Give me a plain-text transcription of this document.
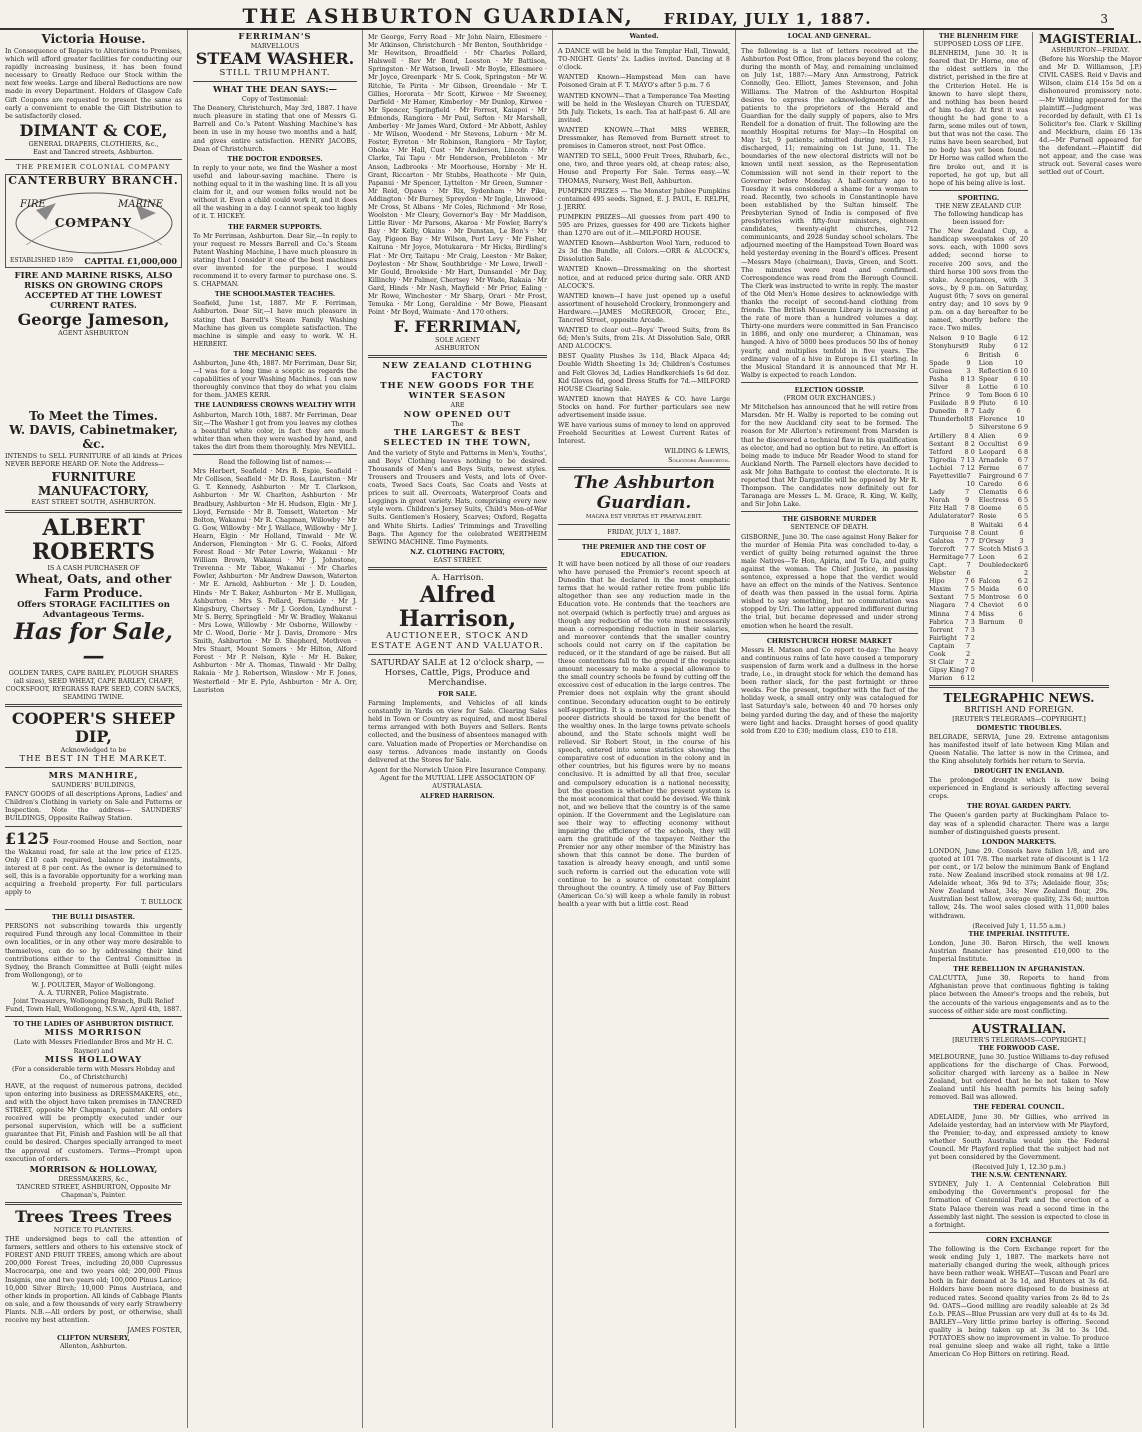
THE ASHBURTON GUARDIAN, FRIDAY, JULY 1, 1887.	3
Victoria House.

In Consequence of Repairs to Alterations to Premises, which will afford greater facilities for conducting our rapidly increasing business, it has been found necessary to Greatly Reduce our Stock within the next few weeks. Large and liberal Reductions are now made in every Department. Holders of Glasgow Cafe Gift Coupons are requested to present the same as early a convenient to enable the Gift Distribution to be satisfactorily closed.

DIMANT & COE,
GENERAL DRAPERS, CLOTHIERS, &c.,
East and Tancred streets, Ashburton.
THE PREMIER COLONIAL COMPANY
CANTERBURY BRANCH.
FIRE	MARINE
COMPANY
ESTABLISHED 1859 CAPITAL £1,000,000
FIRE AND MARINE RISKS, ALSO RISKS ON GROWING CROPS ACCEPTED AT THE LOWEST CURRENT RATES.
George Jameson,
AGENT ASHBURTON
To Meet the Times.
W. DAVIS, Cabinetmaker, &c.

INTENDS to SELL FURNITURE of all kinds at Prices NEVER BEFORE HEARD OF. Note the Address—

FURNITURE MANUFACTORY,
EAST STREET SOUTH, ASHBURTON.
ALBERT ROBERTS
IS A CASH PURCHASER OF
Wheat, Oats, and other Farm Produce.
Offers STORAGE FACILITIES on Advantageous Terms.
Has for Sale,—

GOLDEN TARES, CAPE BARLEY, PLOUGH SHARES (all sizes), SEED WHEAT, CAPE BARLEY, CHAFF, COCKSFOOT, RYEGRASS RAPE SEED, CORN SACKS, SEAMING TWINE.

COOPER'S SHEEP DIP,
Acknowledged to be
THE BEST IN THE MARKET.
MRS MANHIRE,
SAUNDERS' BUILDINGS,

FANCY GOODS of all descriptions Aprons, Ladies' and Children's Clothing in variety on Sale and Patterns or Inspection. Note the address— SAUNDERS' BUILDINGS, Opposite Railway Station.

£125 Four-roomed House and Section, near the Wakanui road, for sale at the low price of £125. Only £10 cash required, balance by instalments, interest at 8 per cent. As the owner is determined to sell, this is a favorable opportunity for a working man acquiring a freehold property. For full particulars apply to

T. BULLOCK
THE BULLI DISASTER.

PERSONS not subscribing towards this urgently required Fund through any local Committee in their own localities, or in any other way more desirable to themselves, can do so by addressing their kind contributions either to the Central Committee in Sydney, the Branch Committee at Bulli (eight miles from Wollongong), or to

W. J. POULTER, Mayor of Wollongong.
A. A. TURNER, Police Magistrate.
Joint Treasurers, Wollongong Branch, Bulli Relief Fund, Town Hall, Wollongong, N.S.W., April 4th, 1887.
TO THE LADIES OF ASHBURTON DISTRICT.
MISS MORRISON
(Late with Messrs Friedlander Bros and Mr H. C. Rayner) and
MISS HOLLOWAY
(For a considerable term with Messrs Hobday and Co., of Christchurch)

HAVE, at the request of numerous patrons, decided upon entering into business as DRESSMAKERS, etc., and with the object have taken premises in TANCRED STREET, opposite Mr Chapman's, painter. All orders received will be promptly executed under our personal supervision, which will be a sufficient guarantee that Fit, Finish and Fashion will be all that could be desired. Charges specially arranged to meet the approval of customers. Terms—Prompt upon execution of orders.

MORRISON & HOLLOWAY,
DRESSMAKERS, &c.,
TANCRED STREET, ASHBURTON, Opposite Mr Chapman's, Painter.
Trees Trees Trees
NOTICE TO PLANTERS.

THE undersigned begs to call the attention of farmers, settlers and others to his extensive stock of FOREST AND FRUIT TREES, among which are about 200,000 Forest Trees, including 20,000 Cupressus Macrocarpa, one and two years old; 200,000 Pinus Insignis, one and two years old; 100,000 Pinus Larico; 10,000 Silver Birch; 10,000 Pinus Austriaca, and other kinds in proportion. All kinds of Cabbage Plants on sale, and a few thousands of very early Strawberry Plants. N.B.—All orders by post, or otherwise, shall receive my best attention.

JAMES FOSTER,
CLIFTON NURSERY,
Allenton, Ashburton.
FERRIMAN'S
MARVELLOUS
STEAM WASHER.
STILL TRIUMPHANT.
WHAT THE DEAN SAYS:—
Copy of Testimonial:

The Deanery, Christchurch, May 3rd, 1887. I have much pleasure in stating that one of Messrs G. Barrell and Co.'s Patent Washing Machine's has been in use in my house two months and a half, and gives entire satisfaction. HENRY JACOBS, Dean of Christchurch.

THE DOCTOR ENDORSES.

In reply to your note, we find the Washer a most useful and labour-saving machine. There is nothing equal to it in the washing line. It is all you claim for it, and our women folks would not be without it. Even a child could work it, and it does all the washing in a day. I cannot speak too highly of it. T. HICKEY.

THE FARMER SUPPORTS.

To Mr Ferriman, Ashburton. Dear Sir,—In reply to your request re Messrs Barrell and Co.'s Steam Patent Washing Machine, I have much pleasure in stating that I consider it one of the best machines ever invented for the purpose. I would recommend it to every farmer to purchase one. S. S. CHAPMAN.

THE SCHOOLMASTER TEACHES.

Seafield, June 1st, 1887. Mr F. Ferriman, Ashburton. Dear Sir,—I have much pleasure in stating that Barrell's Steam Family Washing Machine has given us complete satisfaction. The machine is simple and easy to work. W. H. HERBERT.

THE MECHANIC SEES.

Ashburton, June 4th, 1887. Mr Ferriman, Dear Sir,—I was for a long time a sceptic as regards the capabilities of your Washing Machines. I can now thoroughly convince that they do what you claim for them. JAMES KERR.

THE LAUNDRESS CROWNS WEALTHY WITH

Ashburton, March 10th, 1887. Mr Ferriman, Dear Sir,—The Washer I got from you leaves my clothes a beautiful white color, in fact they are much whiter than when they were washed by hand, and takes the dirt from them thoroughly. Mrs NEVILL.

Read the following list of names:—

Mrs Herbert, Seafield · Mrs B. Espie, Seafield · Mr Collison, Seafield · Mr D. Ross, Lauriston · Mr G. T. Kennedy, Ashburton · Mr T. Clarkson, Ashburton · Mr W. Charlton, Ashburton · Mr Bradbury, Ashburton · Mr H. Hudson, Elgin · Mr J. Lloyd, Fernside · Mr B. Tomsett, Waterton · Mr Bolton, Wakanui · Mr R. Chapman, Willowby · Mr G. Gow, Willowby · Mr J. Wallace, Willowby · Mr J. Hearn, Elgin · Mr Holland, Tinwald · Mr W. Anderson, Flemington · Mr G. C. Fooks, Alford Forest Road · Mr Peter Lowrie, Wakanui · Mr William Brown, Wakanui · Mr J. Johnstone, Trevenna · Mr Tabor, Wakanui · Mr Charles Fowler, Ashburton · Mr Andrew Dawson, Waterton · Mr E. Arnold, Ashburton · Mr J. D. Louden, Hinds · Mr T. Baker, Ashburton · Mr E. Mulligan, Ashburton · Mrs S. Pollard, Fernside · Mr J. Kingsbury, Chertsey · Mr J. Gordon, Lyndhurst · Mr S. Berry, Springfield · Mr W. Bradley, Wakanui · Mrs Lowe, Willowby · Mr Osborne, Willowby · Mr C. Wood, Dorie · Mr J. Davis, Dromore · Mrs Smith, Ashburton · Mr D. Shepherd, Methven · Mrs Stuart, Mount Somers · Mr Hilton, Alford Forest · Mr P. Nelson, Kyle · Mr H. Baker, Ashburton · Mr A. Thomas, Tinwald · Mr Dalby, Rakaia · Mr J. Robertson, Winslow · Mr F. Jones, Westerfield · Mr E. Pyle, Ashburton · Mr A. Orr, Lauriston

Mr George, Ferry Road · Mr John Nairn, Ellesmere · Mr Atkinson, Christchurch · Mr Benton, Southbridge · Mr Hewitson, Broadfield · Mr Charles Pollard, Halswell · Rev Mr Bond, Leeston · Mr Battison, Springston · Mr Watson, Irwell · Mr Boyle, Ellesmere · Mr Joyce, Greenpark · Mr S. Cook, Springston · Mr W. Ritchie, Te Pirita · Mr Gibson, Greendale · Mr T. Gillies, Hororata · Mr Scott, Kirwee · Mr Sweeney, Darfield · Mr Hamer, Kimberley · Mr Dunlop, Kirwee · Mr Spencer, Springfield · Mr Forrest, Kaiapoi · Mr Edmonds, Rangiora · Mr Paul, Sefton · Mr Marshall, Amberley · Mr James Ward, Oxford · Mr Abbott, Ashley · Mr Wilson, Woodend · Mr Stevens, Loburn · Mr M. Foster, Eyreton · Mr Robinson, Rangiora · Mr Taylor, Ohoka · Mr Hall, Cust · Mr Anderson, Lincoln · Mr Clarke, Tai Tapu · Mr Henderson, Prebbleton · Mr Anson, Ladbrooks · Mr Moorhouse, Hornby · Mr H. Grant, Riccarton · Mr Stubbs, Heathcote · Mr Quin, Papanui · Mr Spencer, Lyttelton · Mr Green, Sumner · Mr Reid, Opawa · Mr Rix, Sydenham · Mr Pike, Addington · Mr Burney, Spreydon · Mr Ingle, Linwood · Mr Cross, St Albans · Mr Coles, Richmond · Mr Rose, Woolston · Mr Cleary, Governor's Bay · Mr Maddison, Little River · Mr Parsons, Akaroa · Mr Fowler, Barry's Bay · Mr Kelly, Okains · Mr Dunstan, Le Bon's · Mr Gay, Pigeon Bay · Mr Wilson, Port Levy · Mr Fisher, Kaituna · Mr Joyce, Motukarara · Mr Hicks, Birdling's Flat · Mr Orr, Taitapu · Mr Craig, Leeston · Mr Baker, Doyleston · Mr Shaw, Southbridge · Mr Lowe, Irwell · Mr Gould, Brookside · Mr Hart, Dunsandel · Mr Day, Killinchy · Mr Palmer, Chertsey · Mr Wade, Rakaia · Mr Gard, Hinds · Mr Nash, Mayfield · Mr Prior, Ealing · Mr Rowe, Winchester · Mr Sharp, Orari · Mr Frost, Temuka · Mr Long, Geraldine · Mr Bowe, Pleasant Point · Mr Boyd, Waimate · And 170 others.

F. FERRIMAN,
SOLE AGENT
ASHBURTON
NEW ZEALAND CLOTHING FACTORY
THE NEW GOODS FOR THE WINTER SEASON
ARE
NOW OPENED OUT
The
THE LARGEST & BEST SELECTED IN THE TOWN,

And the variety of Style and Patterns in Men's, Youths', and Boys' Clothing leaves nothing to be desired. Thousands of Men's and Boys Suits, newest styles. Trousers and Trousers and Vests, and lots of Over-coats, Tweed Sacs Coats, Sac Coats and Vests at prices to suit all. Overcoats, Waterproof Coats and Leggings in great variety. Hats, comprising every new style worn. Children's Jersey Suits, Child's Men-of-War Suits. Gentlemen's Hosiery, Scarves; Oxford, Regatta and White Shirts. Ladies' Trimmings and Travelling Bags. The Agency for the celebrated WERTHEIM SEWING MACHINE. Time Payments.

N.Z. CLOTHING FACTORY,
EAST STREET.
A. Harrison.
Alfred Harrison,
AUCTIONEER, STOCK AND ESTATE AGENT AND VALUATOR.

SATURDAY SALE at 12 o'clock sharp, —Horses, Cattle, Pigs, Produce and Merchandise.

FOR SALE.

Farming Implements, and Vehicles of all kinds constantly in Yards on view for Sale. Clearing Sales held in Town or Country as required, and most liberal terms arranged with both Buyers and Sellers. Rents collected, and the business of absentees managed with care. Valuation made of Properties or Merchandise on easy terms. Advances made instantly on Goods delivered at the Stores for Sale.

Agent for the Norwich Union Fire Insurance Company. Agent for the MUTUAL LIFE ASSOCIATION OF AUSTRALASIA.

ALFRED HARRISON.
Wanted.

A DANCE will be held in the Templar Hall, Tinwald, TO-NIGHT. Gents' 2s. Ladies invited. Dancing at 8 o'clock.

WANTED Known—Hampstead Men can have Poisoned Grain at F. T. MAYO's after 5 p.m. 7 6

WANTED KNOWN—That a Temperance Tea Meeting will be held in the Wesleyan Church on TUESDAY, 5th July. Tickets, 1s each. Tea at half-past 6. All are invited.

WANTED KNOWN.—That MRS WEBER, Dressmaker, has Removed from Burnett street to premises in Cameron street, next Post Office.

WANTED TO SELL, 5000 Fruit Trees, Rhubarb, &c., one, two, and three years old, at cheap rates; also, House and Property For Sale. Terms easy.—W. THOMAS, Nursery, West Bell, Ashburton.

PUMPKIN PRIZES — The Monster Jubilee Pumpkins contained 495 seeds. Signed, E. J. PAUL, E. RELPH, J. JERRY.

PUMPKIN PRIZES—All guesses from part 490 to 595 are Prizes, guesses for 490 are Tickets higher than 1270 are out of it.—MILFORD HOUSE.

WANTED Known—Ashburton Wool Yarn, reduced to 2s 3d the Bundle, all Colors.—ORR & ALCOCK's, Dissolution Sale.

WANTED Known—Dressmaking on the shortest notice, and at reduced price during sale. ORR AND ALCOCK'S.

WANTED known—I have just opened up a useful assortment of household Crockery, Ironmongery and Hardware.—JAMES McGREGOR, Grocer, Etc., Tancred Street, opposite Arcade.

WANTED to clear out—Boys' Tweed Suits, from 8s 6d; Men's Suits, from 21s. At Dissolution Sale, ORR AND ALCOCK'S.

BEST Quality Plushes 3s 11d, Black Alpaca 4d; Double Width Sheeting 1s 3d; Children's Costumes and Felt Gloves 3d, Ladies Handkerchiefs 1s 6d doz. Kid Gloves 6d, good Dress Stuffs for 7d.—MILFORD HOUSE Clearing Sale.

WANTED known that HAYES & CO. have Large Stocks on hand. For further particulars see new advertisement inside issue.

WE have various sums of money to lend on approved Freehold Securities at Lowest Current Rates of Interest.

WILDING & LEWIS,
Solicitors Ashburton.
The Ashburton Guardian.
MAGNA EST VERITAS ET PRAEVALEBIT.
FRIDAY, JULY 1, 1887.
THE PREMIER AND THE COST OF EDUCATION.

It will have been noticed by all those of our readers who have perused the Premier's recent speech at Dunedin that he declared in the most emphatic terms that he would rather retire from public life altogether than see any reduction made in the Education vote. He contends that the teachers are not overpaid (which is perfectly true) and argues as though any reduction of the vote must necessarily mean a corresponding reduction in their salaries, and moreover contends that the smaller country schools could not carry on if the capitation be reduced, or it the standard of age be raised. But all these contentions fall to the ground if the requisite amount necessary to make a special allowance to the small country schools be found by cutting off the excessive cost of education in the large centres. The Premier does not explain why the grant should continue. Secondary education ought to be entirely self-supporting. It is a monstrous injustice that the poorer districts should be taxed for the benefit of the wealthy ones. In the large towns private schools abound, and the State schools might well be relieved. Sir Robert Stout, in the course of his speech, entered into some statistics showing the comparative cost of education in the colony and in other countries, but his figures were by no means conclusive. It is admitted by all that free, secular and compulsory education is a national necessity, but the question is whether the present system is the most economical that could be devised. We think not, and we believe that the country is of the same opinion. If the Government and the Legislature can see their way to effecting economy without impairing the efficiency of the schools, they will earn the gratitude of the taxpayer. Neither the Premier nor any other member of the Ministry has shown that this cannot be done. The burden of taxation is already heavy enough, and until some such reform is carried out the education vote will continue to be a source of constant complaint throughout the country. A timely use of Fay Bitters (American Co.'s) will keep a whole family in robust health a year with but a little cost. Read

LOCAL AND GENERAL.

The following is a list of letters received at the Ashburton Post Office, from places beyond the colony, during the month of May, and remaining unclaimed on July 1st, 1887:—Mary Ann Armstrong, Patrick Connolly, Geo. Elliott, James Stevenson, and John Williams. The Matron of the Ashburton Hospital desires to express the acknowledgments of the patients to the proprietors of the Herald and Guardian for the daily supply of papers, also to Mrs Rendell for a donation of fruit. The following are the monthly Hospital returns for May:—In Hospital on May 1st, 9 patients; admitted during month, 13; discharged, 11; remaining on 1st June, 11. The boundaries of the new electoral districts will not be known until next session, as the Representation Commission will not send in their report to the Governor before Monday. A half-century ago to Tuesday it was considered a shame for a woman to read. Recently, two schools in Constantinople have been established by the Sultan himself. The Presbyterian Synod of India is composed of five presbyteries with fifty-four ministers, eighteen candidates, twenty-eight churches, 712 communicants, and 2928 Sunday school scholars. The adjourned meeting of the Hampstead Town Board was held yesterday evening in the Board's offices. Present—Messrs Maye (chairman), Davis, Green, and Scott. The minutes were read and confirmed. Correspondence was read from the Borough Council. The Clerk was instructed to write in reply. The master of the Old Men's Home desires to acknowledge with thanks the receipt of second-hand clothing from friends. The British Museum Library is increasing at the rate of more than a hundred volumes a day. Thirty-one murders were committed in San Francisco in 1886, and only one murderer, a Chinaman, was hanged. A hive of 5000 bees produces 50 lbs of honey yearly, and multiplies tenfold in five years. The ordinary value of a hive in Europe is £1 sterling. In the Musical Standard it is announced that Mr H. Walby is expected to reach London.

ELECTION GOSSIP.
(FROM OUR EXCHANGES.)

Mr Mitchelson has announced that he will retire from Marsden. Mr H. Walby is reported to be coming out for the new Auckland city seat to be formed. The reason for Mr Allerton's retirement from Marsden is that he discovered a technical flaw in his qualification as elector, and had no option but to retire. An effort is being made to induce Mr Reader Wood to stand for Auckland North. The Parnell electors have decided to ask Mr John Bathgate to contest the electorate. It is reported that Mr Dargaville will be opposed by Mr R. Thompson. The candidates now definitely out for Taranaga are Messrs L. M. Grace, R. King, W. Kelly, and Sir John Lake.

THE GISBORNE MURDER
SENTENCE OF DEATH.

GISBORNE, June 30. The case against Hony Baker for the murder of Hemia Pita was concluded to-day, a verdict of guilty being returned against the three male Natives—Te Hon, Apiria, and Te Ua, and guilty against the woman. The Chief Justice, in passing sentence, expressed a hope that the verdict would have an effect on the minds of the Natives. Sentence of death was then passed in the usual form. Apiria wished to say something, but no commutation was stopped by Uri. The latter appeared indifferent during the trial, but became depressed and under strong emotion when he heard the result.

CHRISTCHURCH HORSE MARKET

Messrs H. Matson and Co report to-day: The heavy and continuous rains of late have caused a temporary suspension of farm work and a dullness in the horse trade, i.e., in draught stock for which the demand has been rather slack, for the past fortnight or three weeks. For the present, together with the fact of the holiday week, a small entry only was catalogued for last Saturday's sale, between 40 and 70 horses only being yarded during the day, and of these the majority were light and hacks. Draught horses of good quality sold from £20 to £30; medium class, £10 to £18.

THE BLENHEIM FIRE
SUPPOSED LOSS OF LIFE.

BLENHEIM, June 30. It is feared that Dr Horne, one of the oldest settlers in the district, perished in the fire at the Criterion Hotel. He is known to have slept there, and nothing has been heard of him to-day. At first it was thought he had gone to a farm, some miles out of town, but that was not the case. The ruins have been searched, but no body has yet been found. Dr Horne was called when the fire broke out, and it is reported, he got up, but all hope of his being alive is lost.

SPORTING.
THE NEW ZEALAND CUP.
The following handicap has been issued for:

The New Zealand Cup, a handicap sweepstakes of 20 sovs. each, with 1000 sovs added; second horse to receive 200 sovs, and the third horse 100 sovs from the stake. Acceptances, with 3 sovs., by 9 p.m. on Saturday, August 6th; 7 sovs on general entry day; and 10 sovs by 9 p.m. on a day hereafter to be named, shortly before the race. Two miles.

Nelson 9 10
Stonyhurst 9 6
Spade Guinea
9 3
Pasha 8 13
Silver Prince
8 9
Fusilade 8 9
Dunedin 8 7
Thunderbolt 8 5
Artillery 8 4
Sextant 8 2
Tetford 8 0
Tigredia 7 13
Lochiel 7 12
Fayetteville 7 10
Lady Norah
7 9
Fitz Hall 7 8
Adulaterator 7 8
Turquoise 7 8
Galatea 7 7
Torcroft 7 7
Hermitage 7 7
Capt. Webster
7 6
Hipo	7 6
Maxim 7 5
Sextant 7 5
Niagara 7 4
Minna 7 4
Fabrica 7 3
Torrent 7 3
Fairlight 7 2
Captain Cook
7 2
St Clair 7 2
Gipsy King 7 0
Marion 6 12
Bagle	6 12
Ruby	6 12
British Lion
6 10
Reflection 6 10
Spear 6 10
Lottie 6 10
Tom Boon 6 10
Pluto	6 10
Lady Florence
6 10
Silverstone 6 9
Alien	6 9
Occultist 6 9
Leopard 6 8
Arnadele 6 7
Ferme	6 7
Fairground 6 7
Caredo 6 6
Clematis 6 6
Electress 6 5
Goeme	6 5
Rosie	6 5
Waitaki 6 4
Count D'Orsay
6 3
Scotch Mist 6 3
Loon	6 2
Doubledecker 6 2
Falcon	6 2
Maida	6 0
Montrose 6 0
Cheviot 6 0
Miss Barnum
6 0
MAGISTERIAL.
ASHBURTON—FRIDAY.

(Before his Worship the Mayor and Mr D. Williamson, J.P.) CIVIL CASES. Reid v Davis and Wilson, claim £14 15s 5d on a dishonoured promissory note.—Mr Wilding appeared for the plaintiff.—Judgment was recorded by default, with £1 1s Solicitor's fee. Clark v Skilling and Meckburn, claim £6 13s 4d.—Mr Purnell appeared for the defendant.—Plaintiff did not appear, and the case was struck out. Several cases were settled out of Court.

TELEGRAPHIC NEWS.
BRITISH AND FOREIGN.
[REUTER'S TELEGRAMS—COPYRIGHT.]
DOMESTIC TROUBLES.

BELGRADE, SERVIA, June 29. Extreme antagonism has manifested itself of late between King Milan and Queen Natalie. The latter is now in the Crimea, and the King absolutely forbids her return to Servia.

DROUGHT IN ENGLAND.

The prolonged drought which is now being experienced in England is seriously affecting several crops.

THE ROYAL GARDEN PARTY.

The Queen's garden party at Buckingham Palace to-day was of a splendid character. There was a large number of distinguished guests present.

LONDON MARKETS.

LONDON, June 29. Consols have fallen 1/8, and are quoted at 101 7/8. The market rate of discount is 1 1/2 per cent., or 1/2 below the minimum Bank of England rate. New Zealand inscribed stock remains at 98 1/2. Adelaide wheat, 36s 9d to 37s; Adelaide flour, 35s; New Zealand wheat, 34s; New Zealand flour, 29s. Australian best tallow, average quality, 23s 6d; mutton tallow, 24s. The wool sales closed with 11,000 bales withdrawn.

(Received July 1, 11.55 a.m.)
THE IMPERIAL INSTITUTE.

London, June 30. Baron Hirsch, the well known Austrian financier has presented £10,000 to the Imperial Institute.

THE REBELLION IN AFGHANISTAN.

CALCUTTA, June 30. Reports to hand from Afghanistan prove that continuous fighting is taking place between the Ameer's troops and the rebels, but the accounts of the various engagements and as to the success of either side are most conflicting.

AUSTRALIAN.
[REUTER'S TELEGRAMS—COPYRIGHT.]
THE FORWOOD CASE.

MELBOURNE, June 30. Justice Williams to-day refused applications for the discharge of Chas. Forwood, solicitor charged with larceny as a bailee in New Zealand, but ordered that he be not taken to New Zealand until his health permits his being safely removed. Bail was allowed.

THE FEDERAL COUNCIL.

ADELAIDE, June 30. Mr Gillies, who arrived in Adelaide yesterday, had an interview with Mr Playford, the Premier, to-day, and expressed anxiety to know whether South Australia would join the Federal Council. Mr Playford replied that the subject had not yet been considered by the Government.

(Received July 1, 12.30 p.m.)
THE N.S.W. CENTENNARY.

SYDNEY, July 1. A Centennial Celebration Bill embodying the Government's proposal for the formation of Centennial Park and the erection of a State Palace therein was read a second time in the Assembly last night. The session is expected to close in a fortnight.

CORN EXCHANGE

The following is the Corn Exchange report for the week ending July 1, 1887. The markets have not materially changed during the week, although prices have been rather weak. WHEAT—Tuscan and Pearl are both in fair demand at 3s 1d, and Hunters at 3s 6d. Holders have been more disposed to do business at reduced rates. Second quality varies from 2s 8d to 2s 9d. OATS—Good milling are readily saleable at 2s 3d f.o.b. PEAS—Blue Prussian are very dull at 4s to 4s 3d. BARLEY—Very little prime barley is offering. Second quality is being taken up at 3s 3d to 3s 10d. POTATOES show no improvement in value. To produce real genuine sleep and wake all right, take a little American Co Hop Bitters on retiring. Read.
